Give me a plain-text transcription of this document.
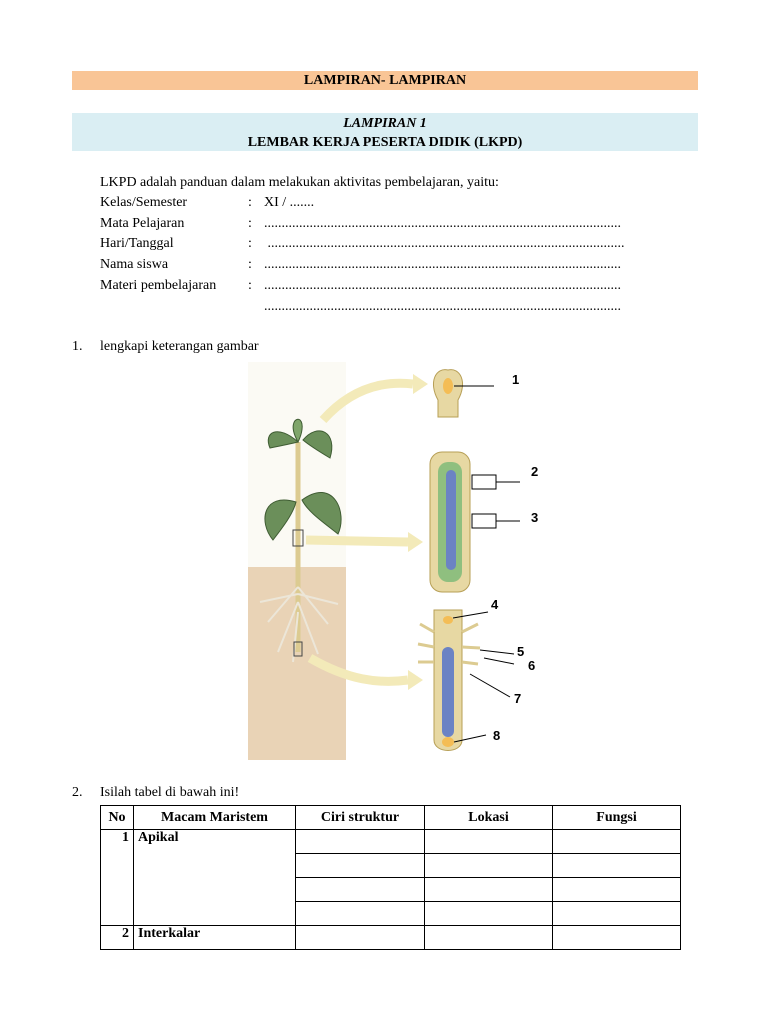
LAMPIRAN- LAMPIRAN
LAMPIRAN 1
LEMBAR KERJA PESERTA DIDIK (LKPD)
LKPD adalah panduan dalam melakukan aktivitas pembelajaran, yaitu:
Kelas/Semester	: XI / .......
Mata Pelajaran	: ......................................................................................................
Hari/Tanggal	: ......................................................................................................
Nama siswa	: ......................................................................................................
Materi pembelajaran : ......................................................................................................
......................................................................................................
1. lengkapi keterangan gambar
1
2
3
4
5
6
7
8
2. Isilah tabel di bawah ini!
No	Macam Maristem	Ciri struktur	Lokasi	Fungsi
1	Apikal			

2	Interkalar			
